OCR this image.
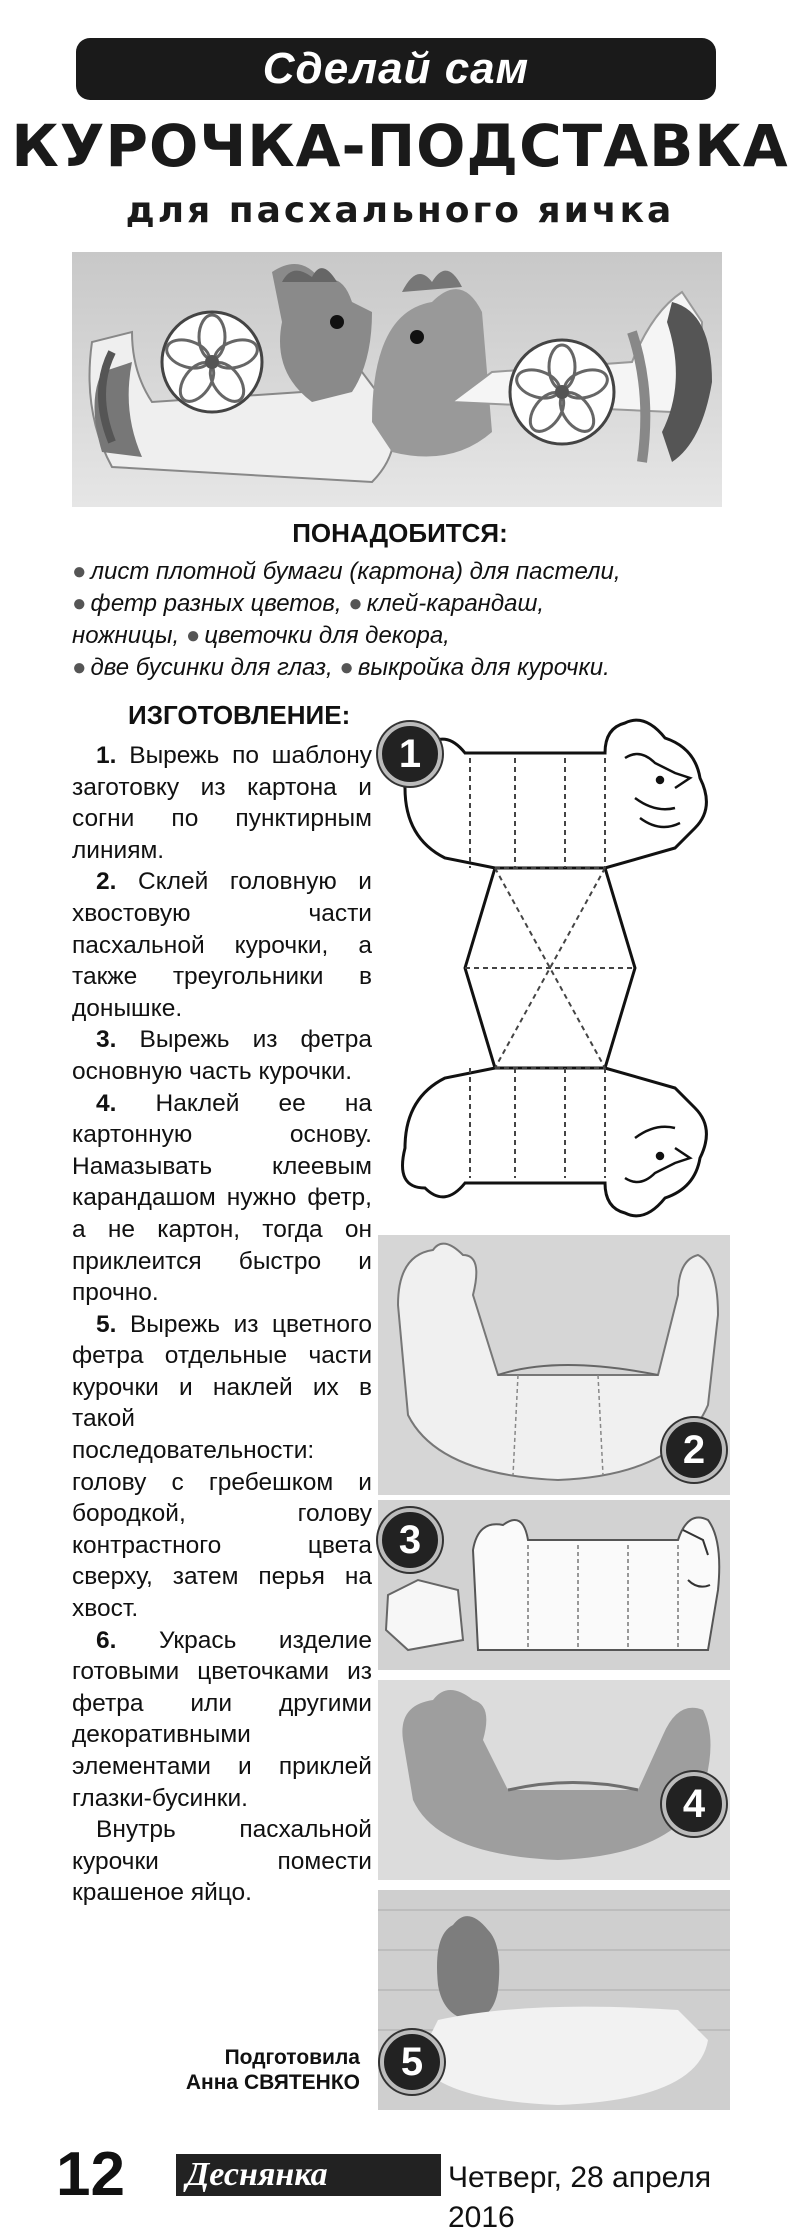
Сделай сам
КУРОЧКА-ПОДСТАВКА
для пасхального яичка
ПОНАДОБИТСЯ:
● лист плотной бумаги (картона) для пастели,
● фетр разных цветов, ● клей-карандаш,
ножницы, ● цветочки для декора,
● две бусинки для глаз, ● выкройка для курочки.
ИЗГОТОВЛЕНИЕ:

1. Вырежь по шаблону заготовку из картона и согни по пунктирным линиям.

2. Склей головную и хвостовую части пасхальной курочки, а также треугольники в донышке.

3. Вырежь из фетра основную часть курочки.

4. Наклей ее на картонную основу. Намазывать клеевым карандашом нужно фетр, а не картон, тогда он приклеится быстро и прочно.

5. Вырежь из цветного фетра отдельные части курочки и наклей их в такой последовательности: голову с гребешком и бородкой, голову контрастного цвета сверху, затем перья на хвост.

6. Укрась изделие готовыми цветочками из фетра или другими декоративными элементами и приклей глазки-бусинки.

Внутрь пасхальной курочки помести крашеное яйцо.

Подготовила
Анна СВЯТЕНКО
1
2
3
4
5
12 Деснянка	Четверг, 28 апреля 2016
